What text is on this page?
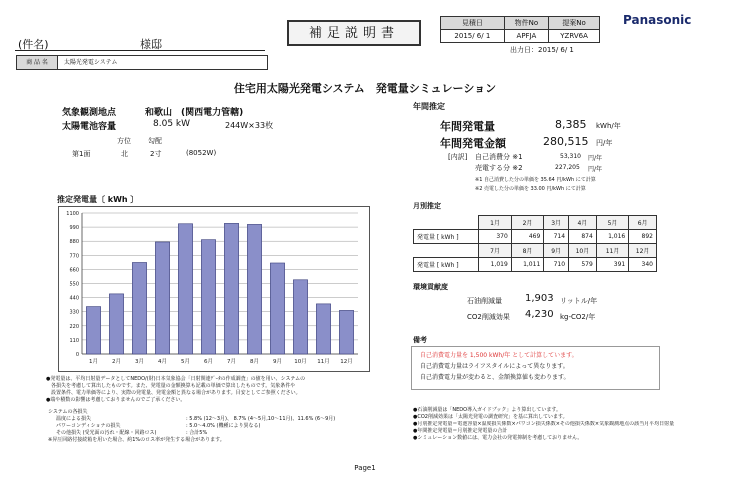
(件名)	様邸
補足説明書
見積日	物件No	提案No
2015/ 6/ 1	APFJA	YZRV6A
出力日：2015/ 6/ 1
Panasonic
商 品 名	太陽光発電システム
住宅用太陽光発電システム　発電量シミュレーション
気象観測地点	和歌山　(関西電力管轄)
太陽電池容量	8.05 kW	244W×33枚
方位 勾配
第1面	北	2寸	(8052W)
推定発電量〔 kWh 〕
0
110
220
330
440
550
660
770
880
990
1100
1月	2月	3月	4月	5月	6月	7月	8月	9月 10月 11月 12月
●発電量は、平均日射量データとしてNEDO/(財)日本気象協会「日射関連ﾃﾞｰﾀの作成調査」の値を用い、システムの
　各損失を考慮して算出したものです。また、発電量の金額換算も記載の単価で算出したものです。気象条件や
　設置条件、電力単価等により、実際の発電量、発電金額と異なる場合があります。目安としてご参照ください。
●端や積数の影響は考慮しておりませんのでご了承ください。
システムの各損失
温度による損失	: 5.8% (12～3月)、 8.7% (4～5月,10～11月)、11.6% (6～9月)
パワーコンディショナの損失	: 5.0～4.0% (機種により異なる)
その他損失 (受光面の汚れ・配線・回路ロス)	: 合計5%
※昇圧回路付接続箱を用いた場合、約1%のロス率が発生する場合があります。
年間推定
年間発電量	8,385 kWh/年
年間発電金額	280,515 円/年
[内訳] 自己消費分 ※1	53,310 円/年
売電する分 ※2	227,205 円/年
※1 自己消費した分の単価を 35.64 円/kWh にて計算
※2 売電した分の単価を 33.00 円/kWh にて計算
月別推定
	1月	2月	3月	4月	5月	6月
発電量 [ kWh ]	370	469	714	874	1,016	892
	7月	8月	9月	10月	11月	12月
発電量 [ kWh ]	1,019	1,011	710	579	391	340
環境貢献度
石油削減量 1,903 リットル/年
CO2削減効果 4,230 kg-CO2/年
備考
自己消費電力量を 1,500 kWh/年 として計算しています。
自己消費電力量はライフスタイルによって異なります。
自己消費電力量が変わると、金額換算値も変わります。
●石油削減量は「NEDO導入ガイドブック」より算出しています。
●CO2削減効果は「太陽光発電の調査研究」を基に算出しています。
●月別推定発電量＝電池容量×温度損失係数×パワコン損失係数×その他損失係数×気象観測地点の該当月平均日射量
●年間推定発電量＝月別推定発電量の合計
●シミュレーション数値には、電力会社の発電抑制を考慮しておりません。
Page1
